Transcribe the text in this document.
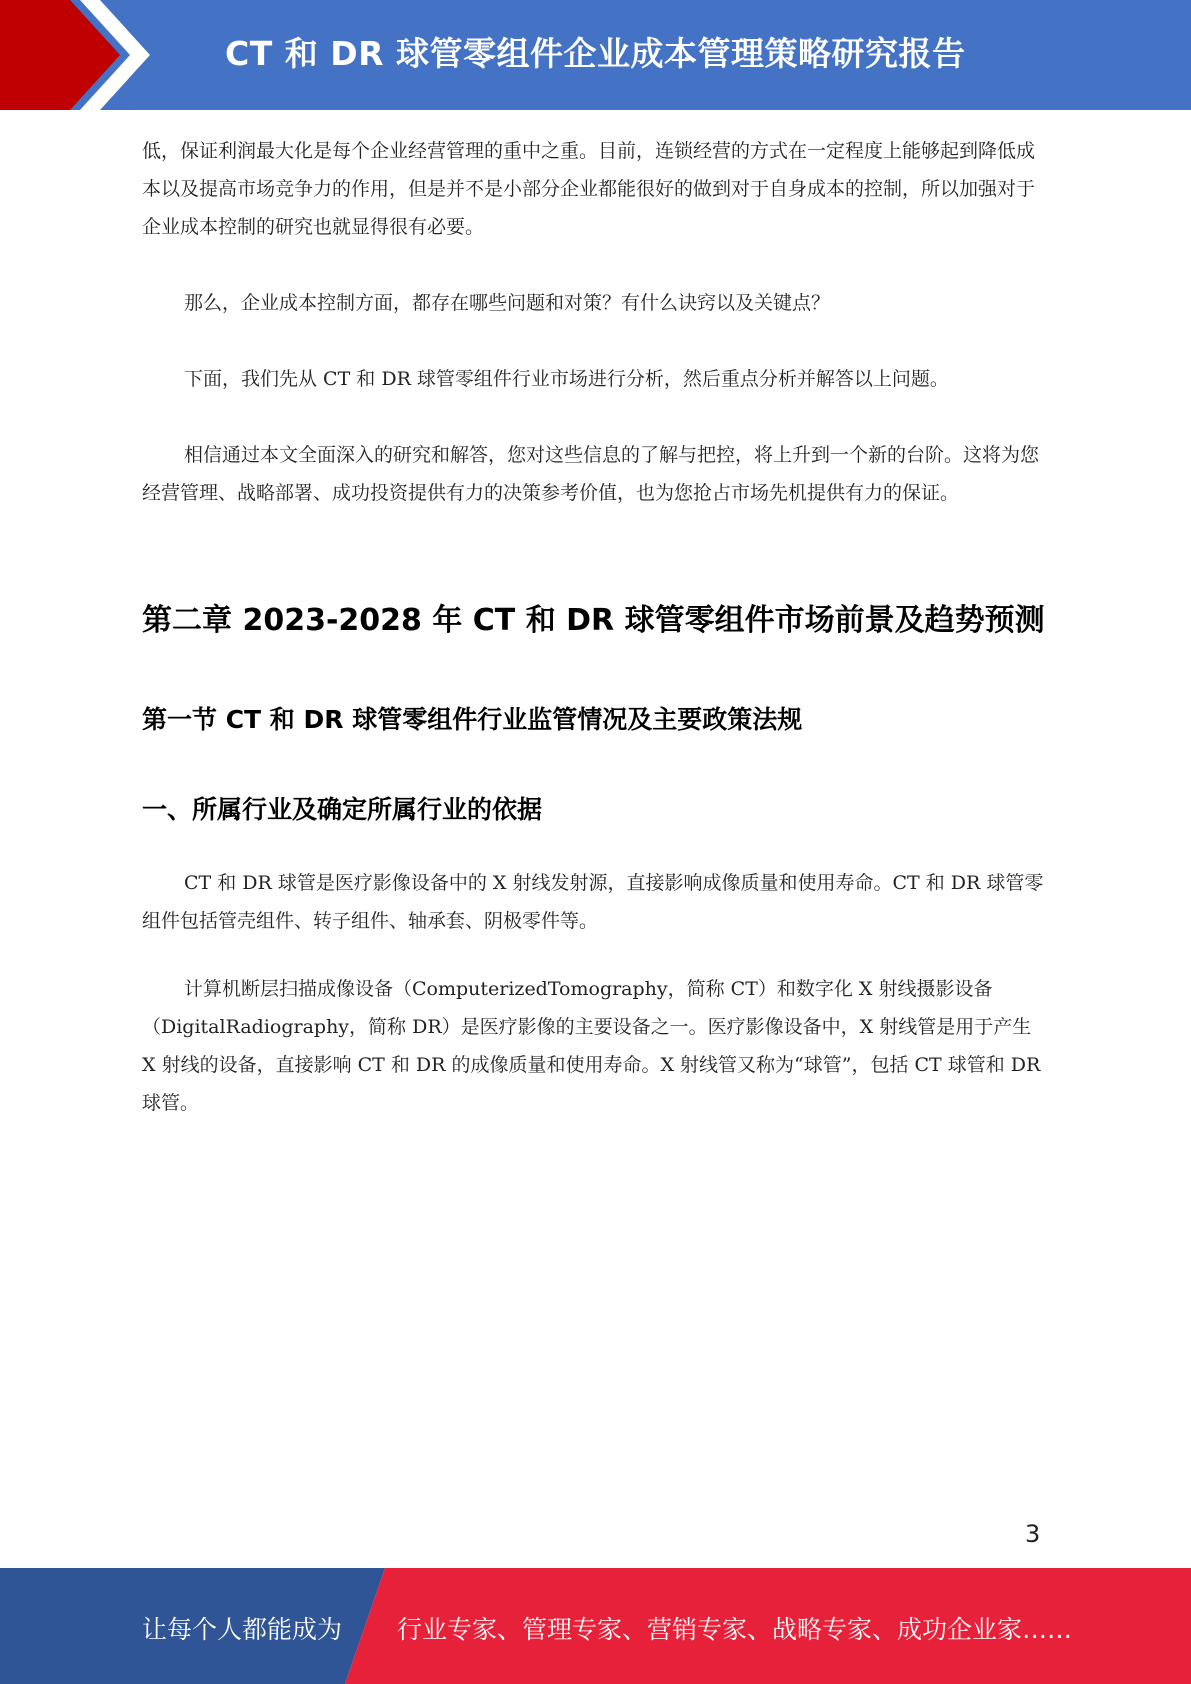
CT 和 DR 球管零组件企业成本管理策略研究报告

低，保证利润最大化是每个企业经营管理的重中之重。目前，连锁经营的方式在一定程度上能够起到降低成本以及提高市场竞争力的作用，但是并不是小部分企业都能很好的做到对于自身成本的控制，所以加强对于企业成本控制的研究也就显得很有必要。

那么，企业成本控制方面，都存在哪些问题和对策？有什么诀窍以及关键点？

下面，我们先从 CT 和 DR 球管零组件行业市场进行分析，然后重点分析并解答以上问题。

相信通过本文全面深入的研究和解答，您对这些信息的了解与把控，将上升到一个新的台阶。这将为您经营管理、战略部署、成功投资提供有力的决策参考价值，也为您抢占市场先机提供有力的保证。

第二章 2023-2028 年 CT 和 DR 球管零组件市场前景及趋势预测
第一节 CT 和 DR 球管零组件行业监管情况及主要政策法规
一、所属行业及确定所属行业的依据

CT 和 DR 球管是医疗影像设备中的 X 射线发射源，直接影响成像质量和使用寿命。CT 和 DR 球管零组件包括管壳组件、转子组件、轴承套、阴极零件等。

计算机断层扫描成像设备（ComputerizedTomography，简称 CT）和数字化 X 射线摄影设备（DigitalRadiography，简称 DR）是医疗影像的主要设备之一。医疗影像设备中，X 射线管是用于产生 X 射线的设备，直接影响 CT 和 DR 的成像质量和使用寿命。X 射线管又称为“球管”，包括 CT 球管和 DR 球管。

3
让每个人都能成为 行业专家、管理专家、营销专家、战略专家、成功企业家……
